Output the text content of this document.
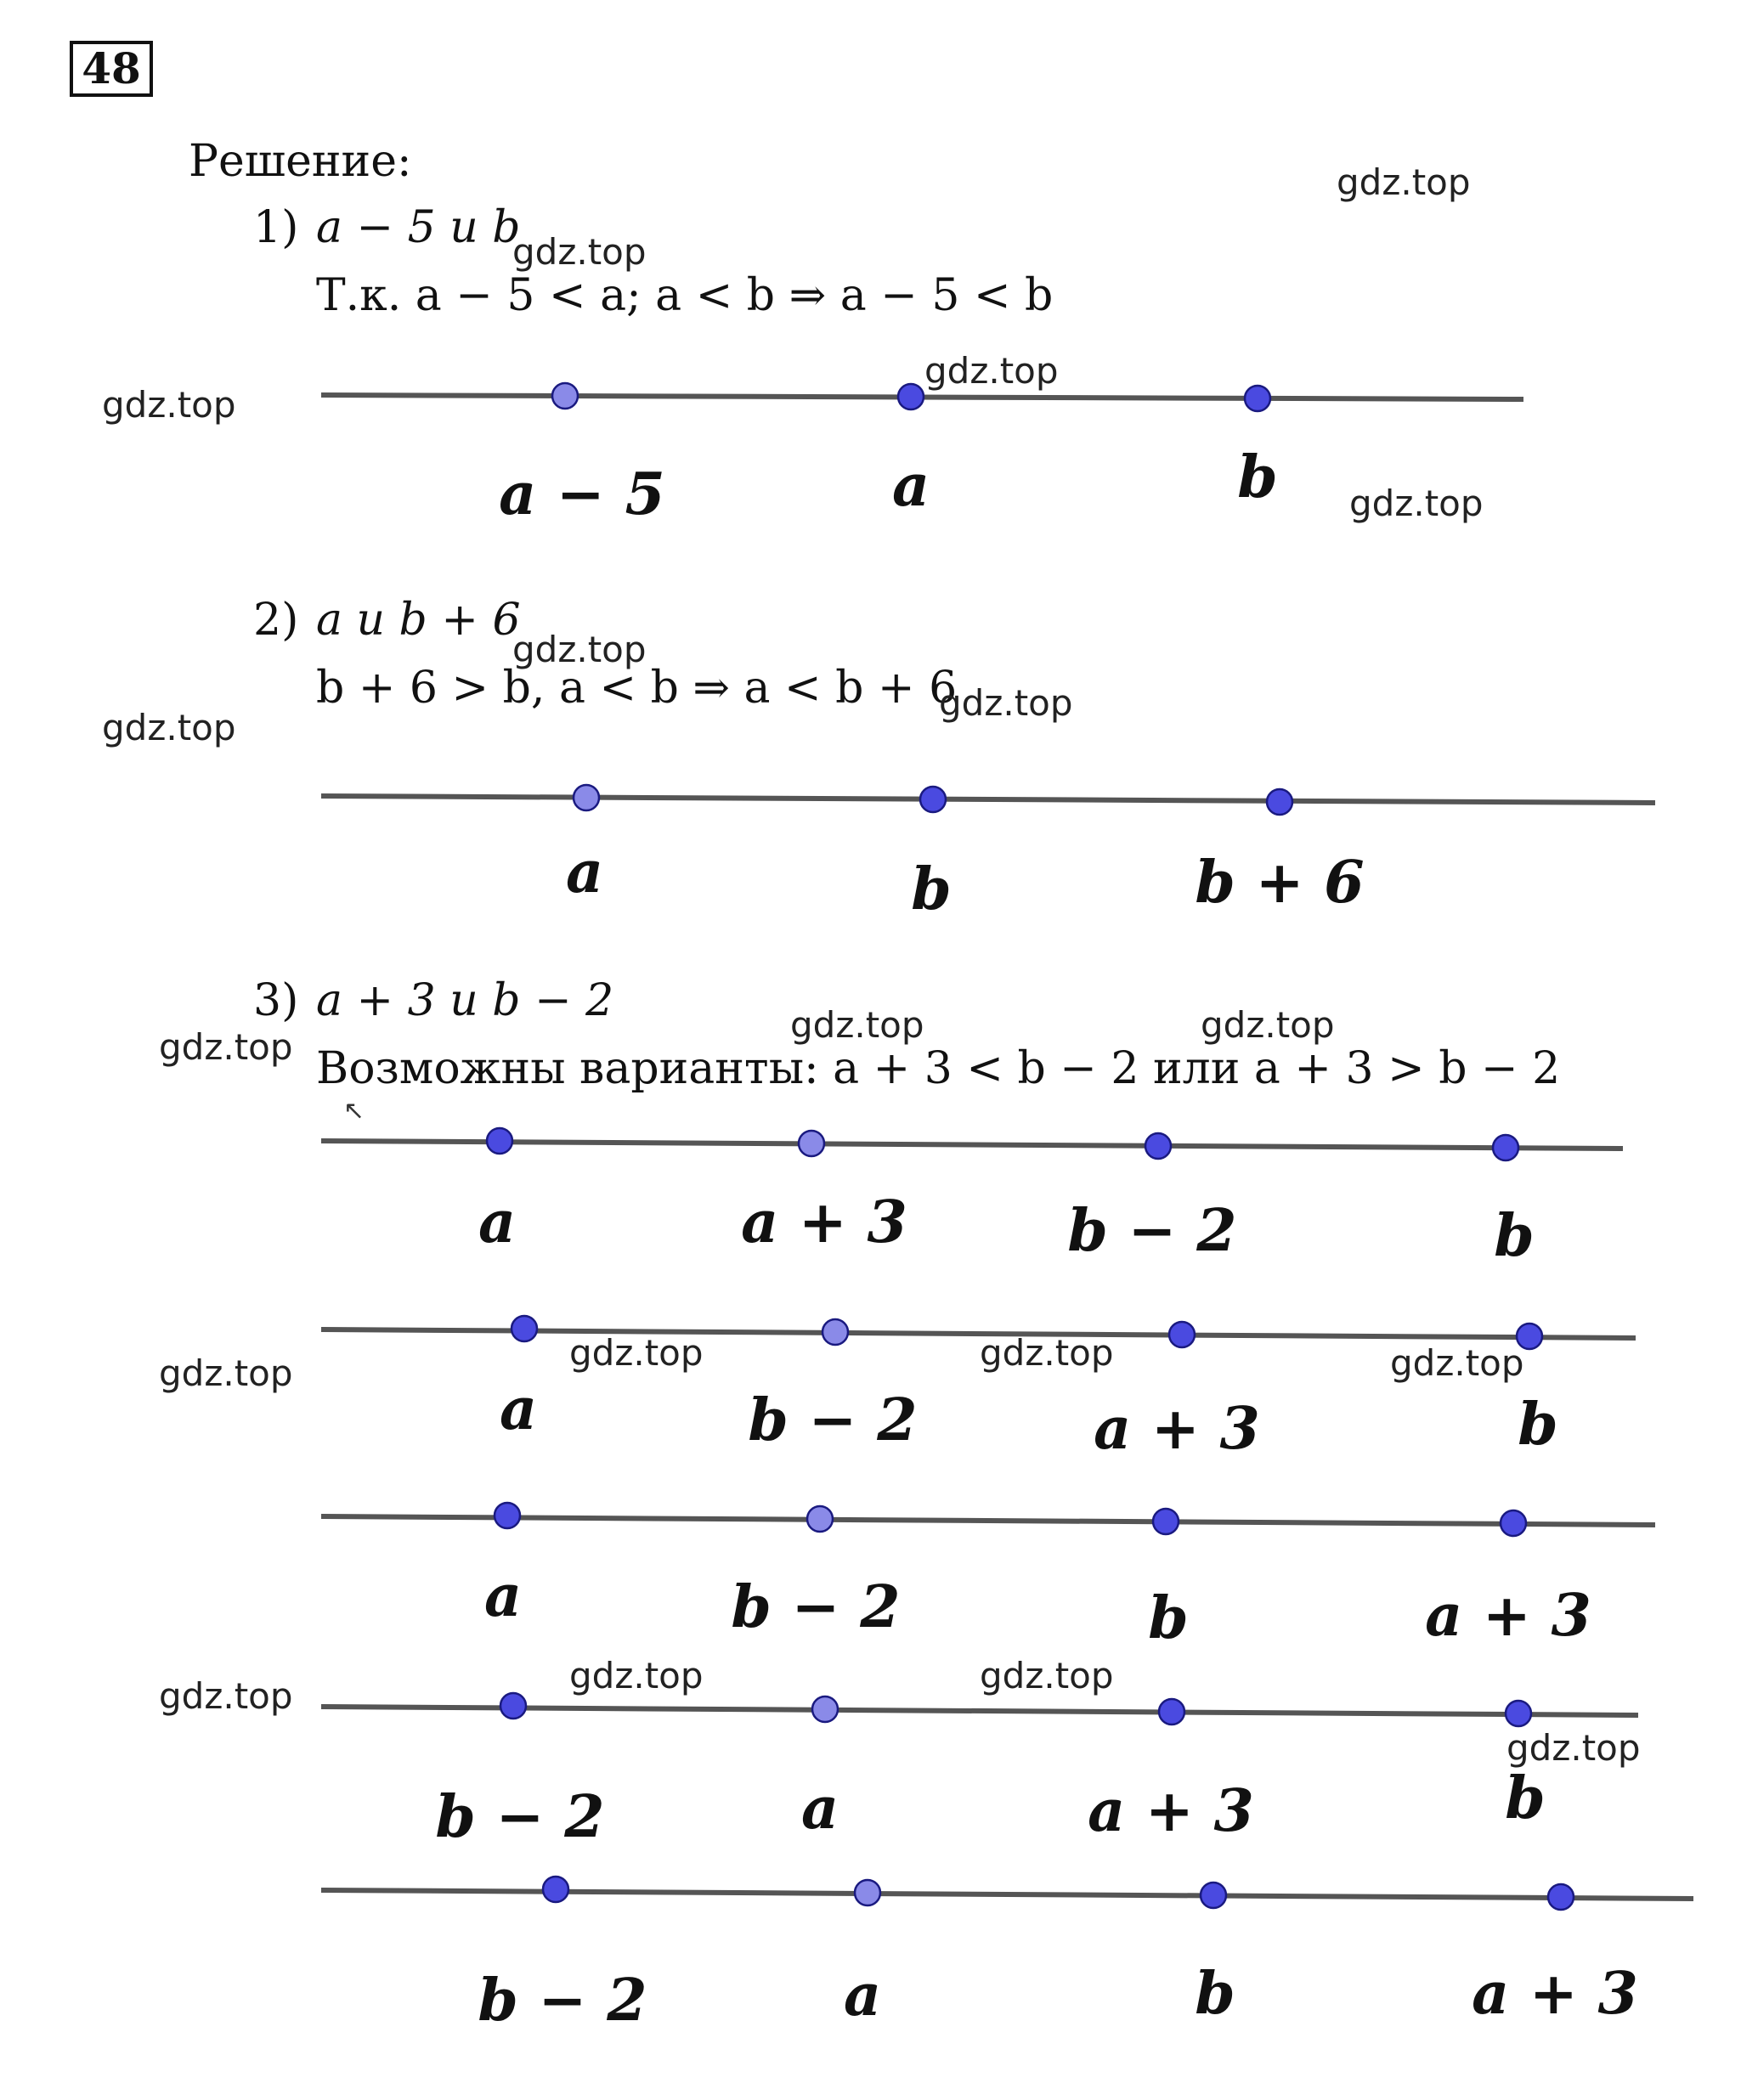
48
Решение:
1) a − 5 и b
Т.к. a − 5 < a; a < b ⇒ a − 5 < b
2) a и b + 6
b + 6 > b, a < b ⇒ a < b + 6
3) a + 3 и b − 2
Возможны варианты: a + 3 < b − 2 или a + 3 > b − 2
↖
a − 5	a	b
a	b	b + 6
a	a + 3	b − 2	b
a	b − 2	a + 3	b
a	b − 2	b	a + 3
b − 2	a	a + 3	b
b − 2	a	b	a + 3
gdz.top
gdz.top
gdz.top
gdz.top
gdz.top
gdz.top
gdz.top
gdz.top
gdz.top	gdz.top
gdz.top
gdz.top	gdz.top	gdz.top
gdz.top
gdz.top	gdz.top
gdz.top
gdz.top
